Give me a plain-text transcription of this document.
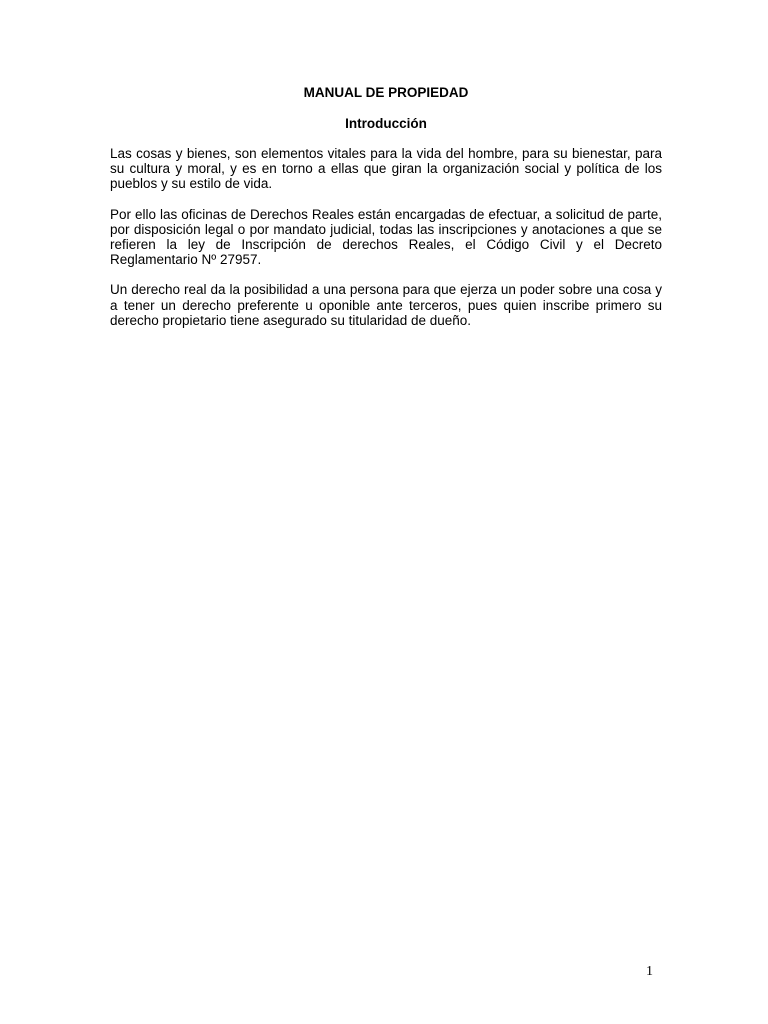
MANUAL DE PROPIEDAD
Introducción

Las cosas y bienes, son elementos vitales para la vida del hombre, para su bienestar, para su cultura y moral, y es en torno a ellas que giran la organización social y política de los pueblos y su estilo de vida.

Por ello las oficinas de Derechos Reales están encargadas de efectuar, a solicitud de parte, por disposición legal o por mandato judicial, todas las inscripciones y anotaciones a que se refieren la ley de Inscripción de derechos Reales, el Código Civil y el Decreto Reglamentario Nº 27957.

Un derecho real da la posibilidad a una persona para que ejerza un poder sobre una cosa y a tener un derecho preferente u oponible ante terceros, pues quien inscribe primero su derecho propietario tiene asegurado su titularidad de dueño.

1
